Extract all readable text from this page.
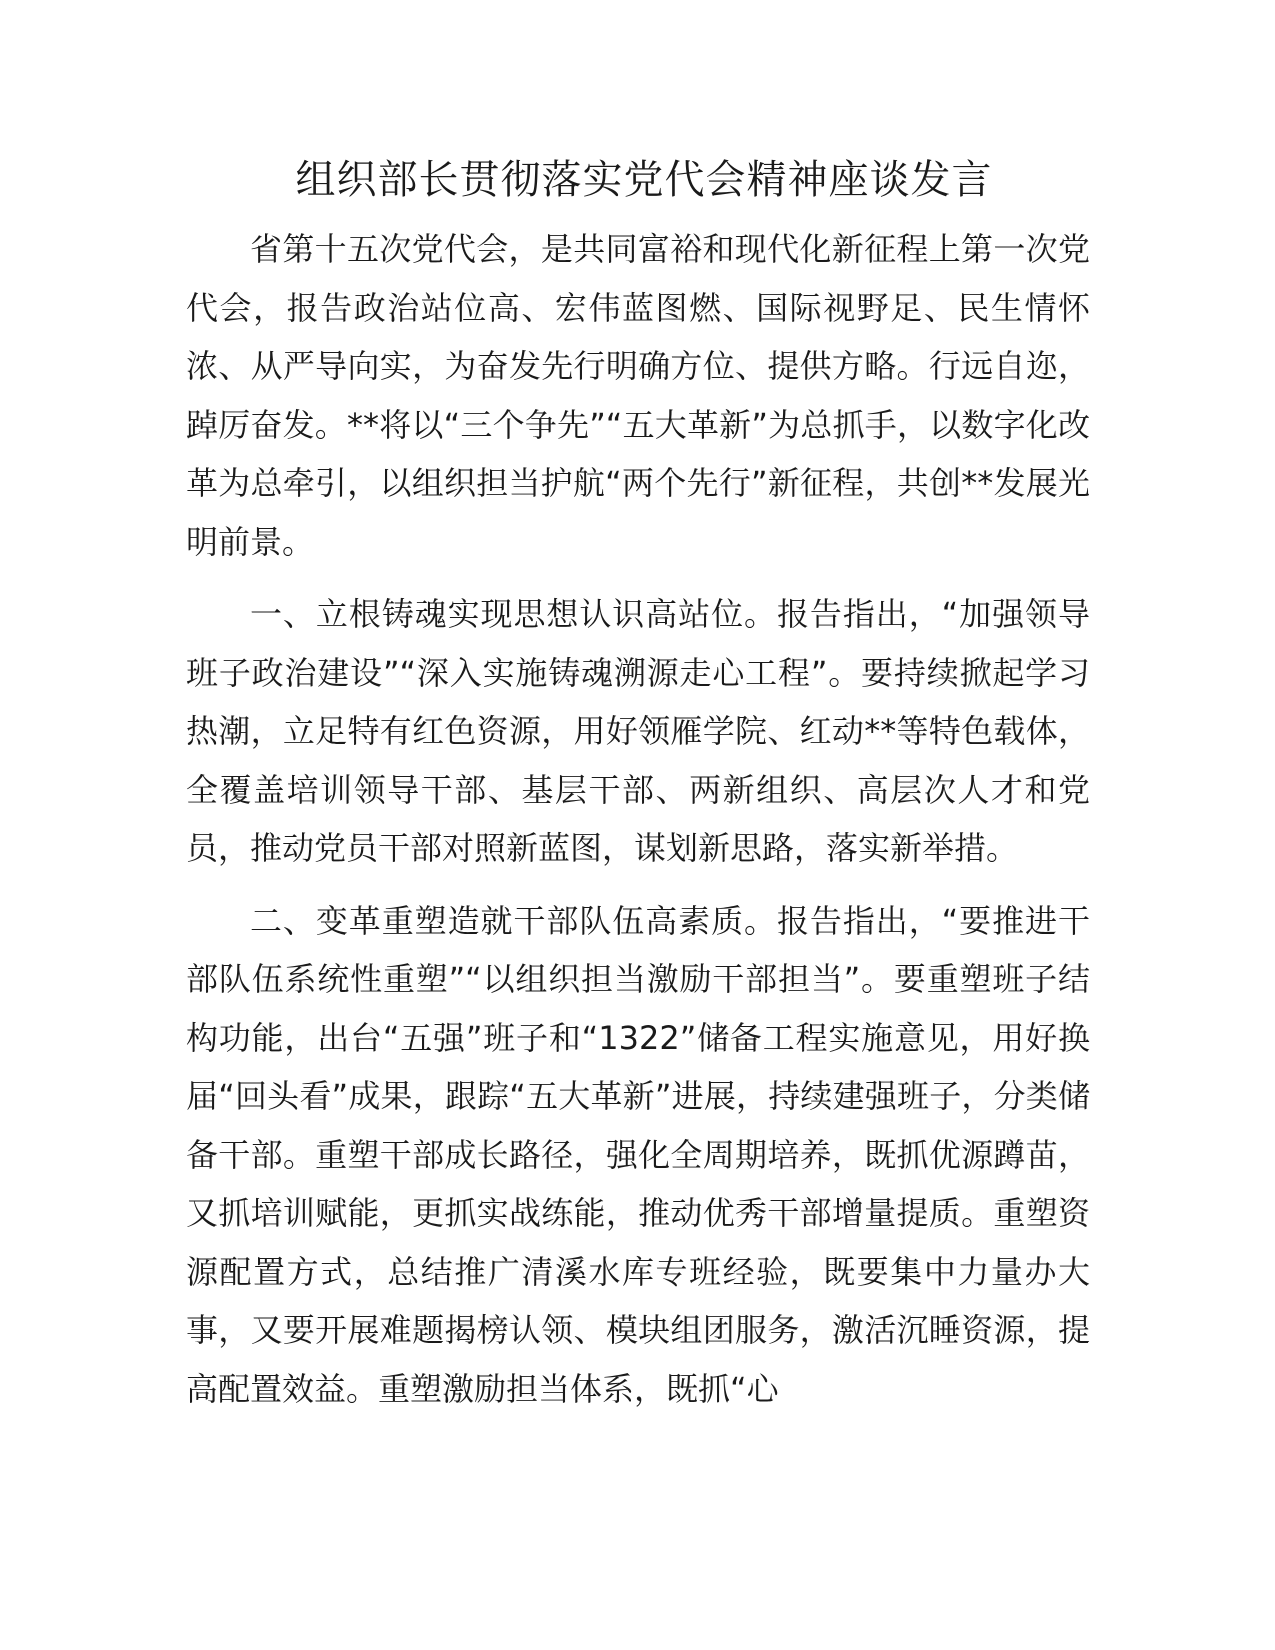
组织部长贯彻落实党代会精神座谈发言

省第十五次党代会，是共同富裕和现代化新征程上第一次党代会，报告政治站位高、宏伟蓝图燃、国际视野足、民生情怀浓、从严导向实，为奋发先行明确方位、提供方略。行远自迩，踔厉奋发。**将以“三个争先”“五大革新”为总抓手，以数字化改革为总牵引，以组织担当护航“两个先行”新征程，共创**发展光明前景。

一、立根铸魂实现思想认识高站位。报告指出，“加强领导班子政治建设”“深入实施铸魂溯源走心工程”。要持续掀起学习热潮，立足特有红色资源，用好领雁学院、红动**等特色载体，全覆盖培训领导干部、基层干部、两新组织、高层次人才和党员，推动党员干部对照新蓝图，谋划新思路，落实新举措。

二、变革重塑造就干部队伍高素质。报告指出，“要推进干部队伍系统性重塑”“以组织担当激励干部担当”。要重塑班子结构功能，出台“五强”班子和“1322”储备工程实施意见，用好换届“回头看”成果，跟踪“五大革新”进展，持续建强班子，分类储备干部。重塑干部成长路径，强化全周期培养，既抓优源蹲苗，又抓培训赋能，更抓实战练能，推动优秀干部增量提质。重塑资源配置方式，总结推广清溪水库专班经验，既要集中力量办大事，又要开展难题揭榜认领、模块组团服务，激活沉睡资源，提高配置效益。重塑激励担当体系，既抓“心
